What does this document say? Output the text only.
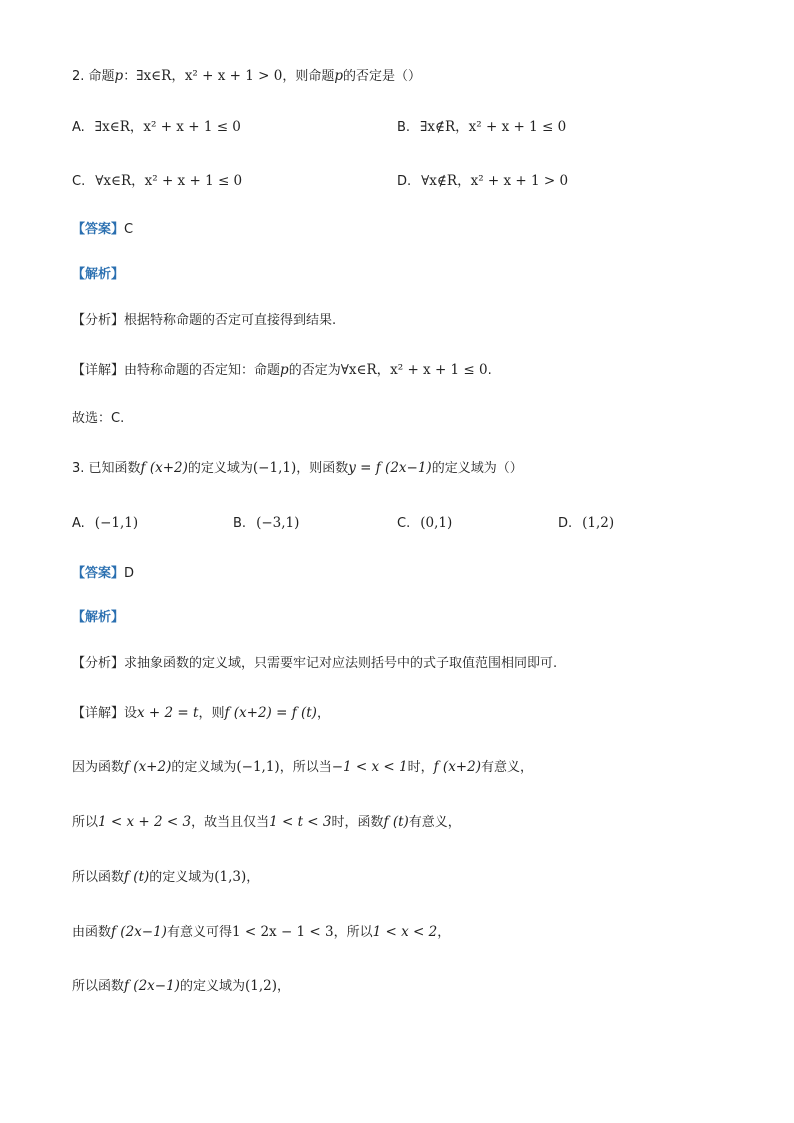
2. 命题p：∃x∈R，x² + x + 1 > 0，则命题p的否定是（）
A. ∃x∈R，x² + x + 1 ≤ 0	B. ∃x∉R，x² + x + 1 ≤ 0
C. ∀x∈R，x² + x + 1 ≤ 0	D. ∀x∉R，x² + x + 1 > 0
【答案】C
【解析】
【分析】根据特称命题的否定可直接得到结果.
【详解】由特称命题的否定知：命题p的否定为∀x∈R，x² + x + 1 ≤ 0.
故选：C.
3. 已知函数f (x+2)的定义域为(−1,1)，则函数y = f (2x−1)的定义域为（）
A. (−1,1)	B. (−3,1)	C. (0,1)	D. (1,2)
【答案】D
【解析】
【分析】求抽象函数的定义域，只需要牢记对应法则括号中的式子取值范围相同即可.
【详解】设x + 2 = t，则f (x+2) = f (t)，
因为函数f (x+2)的定义域为(−1,1)，所以当−1 < x < 1时，f (x+2)有意义，
所以1 < x + 2 < 3，故当且仅当1 < t < 3时，函数f (t)有意义，
所以函数f (t)的定义域为(1,3)，
由函数f (2x−1)有意义可得1 < 2x − 1 < 3，所以1 < x < 2，
所以函数f (2x−1)的定义域为(1,2)，
